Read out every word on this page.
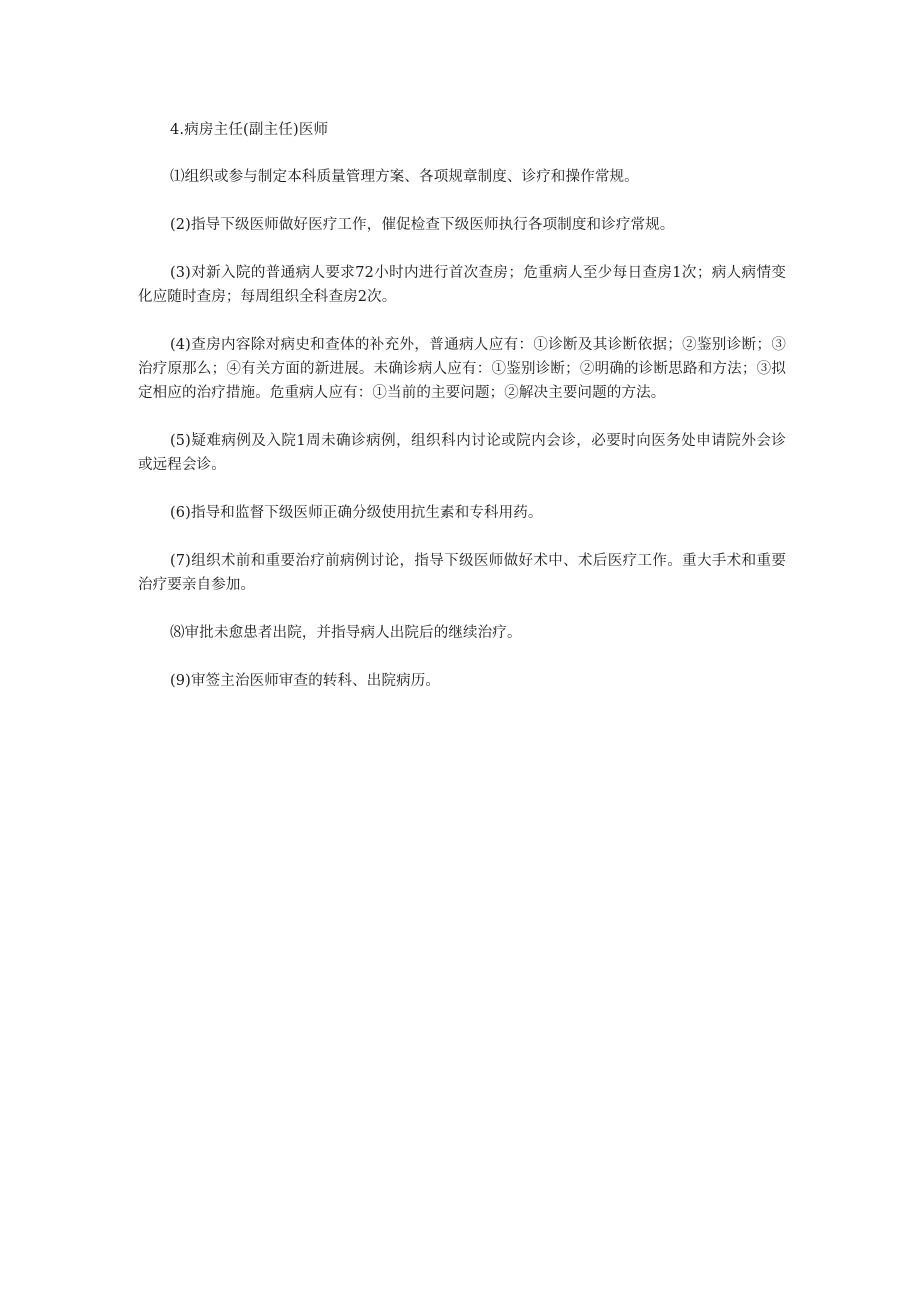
4.病房主任(副主任)医师

⑴组织或参与制定本科质量管理方案、各项规章制度、诊疗和操作常规。

(2)指导下级医师做好医疗工作，催促检查下级医师执行各项制度和诊疗常规。

(3)对新入院的普通病人要求72小时内进行首次查房；危重病人至少每日查房1次；病人病情变化应随时查房；每周组织全科查房2次。

(4)查房内容除对病史和查体的补充外，普通病人应有：①诊断及其诊断依据；②鉴别诊断；③治疗原那么；④有关方面的新进展。未确诊病人应有：①鉴别诊断；②明确的诊断思路和方法；③拟定相应的治疗措施。危重病人应有：①当前的主要问题；②解决主要问题的方法。

(5)疑难病例及入院1周未确诊病例，组织科内讨论或院内会诊，必要时向医务处申请院外会诊或远程会诊。

(6)指导和监督下级医师正确分级使用抗生素和专科用药。

(7)组织术前和重要治疗前病例讨论，指导下级医师做好术中、术后医疗工作。重大手术和重要治疗要亲自参加。

⑻审批未愈患者出院，并指导病人出院后的继续治疗。

(9)审签主治医师审查的转科、出院病历。
